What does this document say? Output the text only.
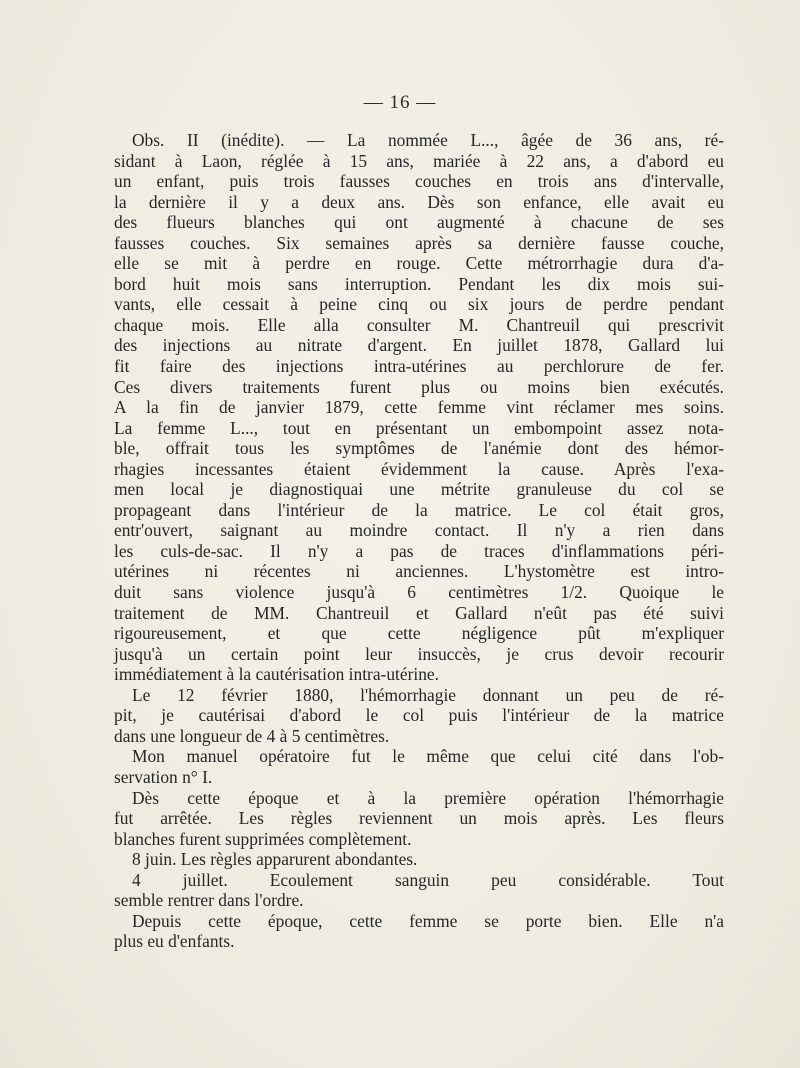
— 16 —
Obs. II (inédite). — La nommée L..., âgée de 36 ans, ré-
sidant à Laon, réglée à 15 ans, mariée à 22 ans, a d'abord eu
un enfant, puis trois fausses couches en trois ans d'intervalle,
la dernière il y a deux ans. Dès son enfance, elle avait eu
des flueurs blanches qui ont augmenté à chacune de ses
fausses couches. Six semaines après sa dernière fausse couche,
elle se mit à perdre en rouge. Cette métrorrhagie dura d'a-
bord huit mois sans interruption. Pendant les dix mois sui-
vants, elle cessait à peine cinq ou six jours de perdre pendant
chaque mois. Elle alla consulter M. Chantreuil qui prescrivit
des injections au nitrate d'argent. En juillet 1878, Gallard lui
fit faire des injections intra-utérines au perchlorure de fer.
Ces divers traitements furent plus ou moins bien exécutés.
A la fin de janvier 1879, cette femme vint réclamer mes soins.
La femme L..., tout en présentant un embompoint assez nota-
ble, offrait tous les symptômes de l'anémie dont des hémor-
rhagies incessantes étaient évidemment la cause. Après l'exa-
men local je diagnostiquai une métrite granuleuse du col se
propageant dans l'intérieur de la matrice. Le col était gros,
entr'ouvert, saignant au moindre contact. Il n'y a rien dans
les culs-de-sac. Il n'y a pas de traces d'inflammations péri-
utérines ni récentes ni anciennes. L'hystomètre est intro-
duit sans violence jusqu'à 6 centimètres 1/2. Quoique le
traitement de MM. Chantreuil et Gallard n'eût pas été suivi
rigoureusement, et que cette négligence pût m'expliquer
jusqu'à un certain point leur insuccès, je crus devoir recourir
immédiatement à la cautérisation intra-utérine.
Le 12 février 1880, l'hémorrhagie donnant un peu de ré-
pit, je cautérisai d'abord le col puis l'intérieur de la matrice
dans une longueur de 4 à 5 centimètres.
Mon manuel opératoire fut le même que celui cité dans l'ob-
servation n° I.
Dès cette époque et à la première opération l'hémorrhagie
fut arrêtée. Les règles reviennent un mois après. Les fleurs
blanches furent supprimées complètement.
8 juin. Les règles apparurent abondantes.
4 juillet. Ecoulement sanguin peu considérable. Tout
semble rentrer dans l'ordre.
Depuis cette époque, cette femme se porte bien. Elle n'a
plus eu d'enfants.
